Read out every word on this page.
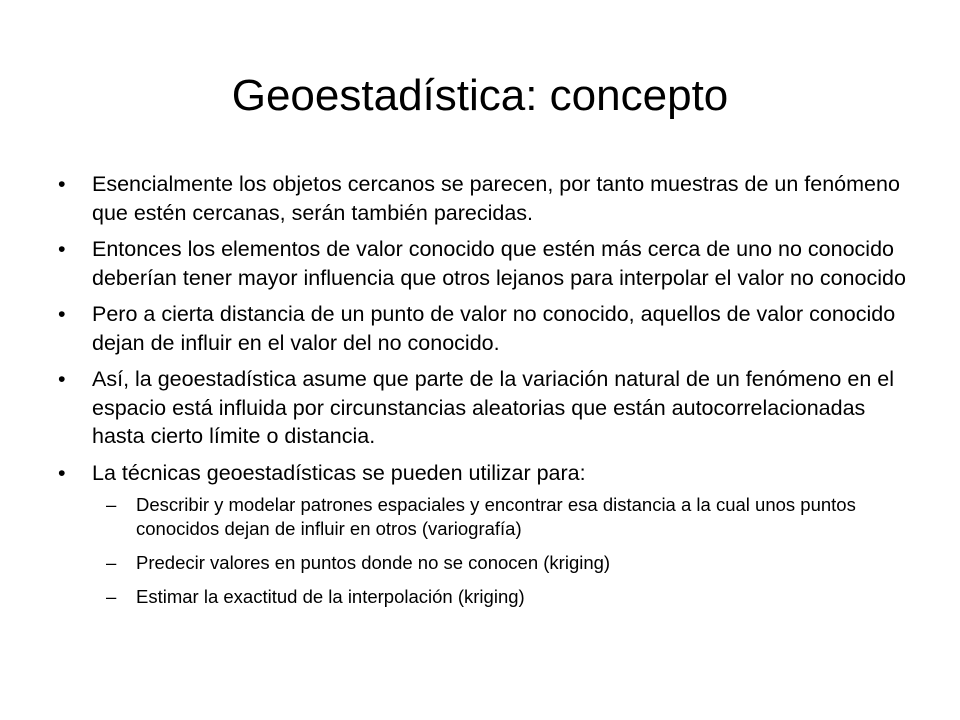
Geoestadística: concepto
•	Esencialmente los objetos cercanos se parecen, por tanto muestras de un fenómeno que estén cercanas, serán también parecidas.
•	Entonces los elementos de valor conocido que estén más cerca de uno no conocido deberían tener mayor influencia que otros lejanos para interpolar el valor no conocido
•	Pero a cierta distancia de un punto de valor no conocido, aquellos de valor conocido dejan de influir en el valor del no conocido.
•	Así, la geoestadística asume que parte de la variación natural de un fenómeno en el espacio está influida por circunstancias aleatorias que están autocorrelacionadas hasta cierto límite o distancia.
•	La técnicas geoestadísticas se pueden utilizar para:
–	Describir y modelar patrones espaciales y encontrar esa distancia a la cual unos puntos conocidos dejan de influir en otros (variografía)
–	Predecir valores en puntos donde no se conocen (kriging)
–	Estimar la exactitud de la interpolación (kriging)
